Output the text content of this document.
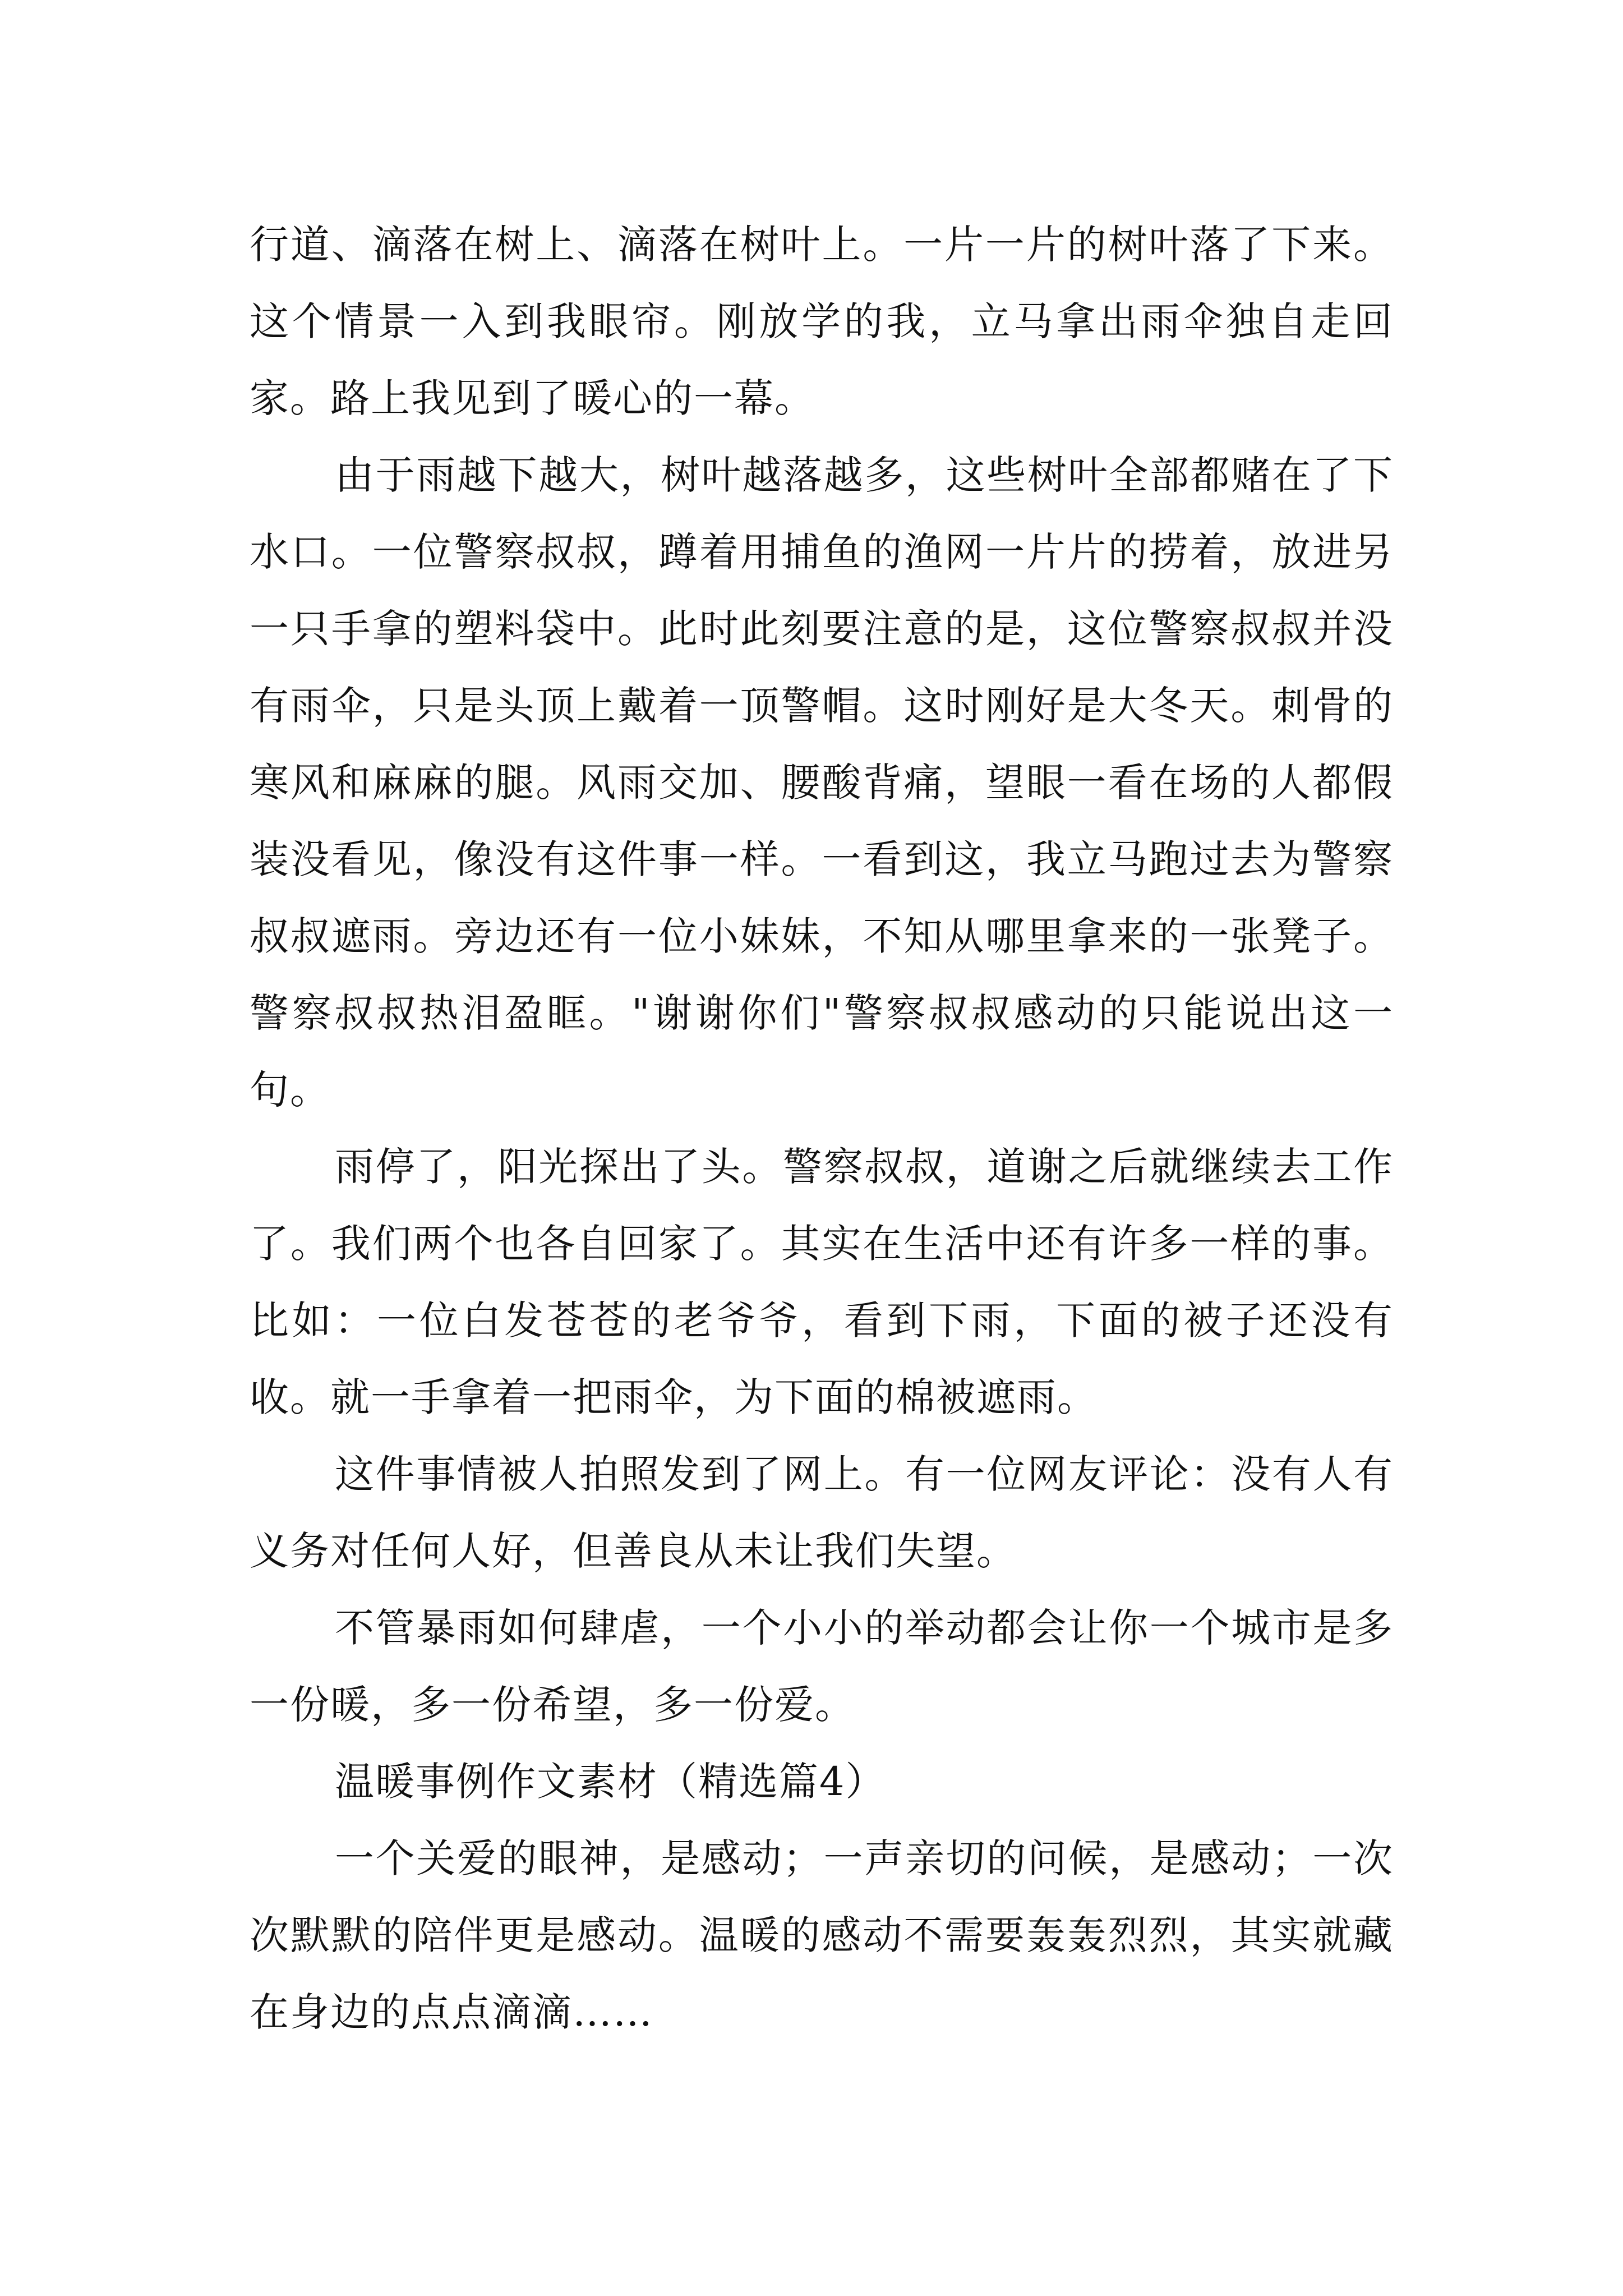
行道、滴落在树上、滴落在树叶上。一片一片的树叶落了下来。这个情景一入到我眼帘。刚放学的我，立马拿出雨伞独自走回家。路上我见到了暖心的一幕。

由于雨越下越大，树叶越落越多，这些树叶全部都赌在了下水口。一位警察叔叔，蹲着用捕鱼的渔网一片片的捞着，放进另一只手拿的塑料袋中。此时此刻要注意的是，这位警察叔叔并没有雨伞，只是头顶上戴着一顶警帽。这时刚好是大冬天。刺骨的寒风和麻麻的腿。风雨交加、腰酸背痛，望眼一看在场的人都假装没看见，像没有这件事一样。一看到这，我立马跑过去为警察叔叔遮雨。旁边还有一位小妹妹，不知从哪里拿来的一张凳子。警察叔叔热泪盈眶。"谢谢你们"警察叔叔感动的只能说出这一句。

雨停了，阳光探出了头。警察叔叔，道谢之后就继续去工作了。我们两个也各自回家了。其实在生活中还有许多一样的事。比如：一位白发苍苍的老爷爷，看到下雨，下面的被子还没有收。就一手拿着一把雨伞，为下面的棉被遮雨。

这件事情被人拍照发到了网上。有一位网友评论：没有人有义务对任何人好，但善良从未让我们失望。

不管暴雨如何肆虐，一个小小的举动都会让你一个城市是多一份暖，多一份希望，多一份爱。

温暖事例作文素材（精选篇4）

一个关爱的眼神，是感动；一声亲切的问候，是感动；一次次默默的陪伴更是感动。温暖的感动不需要轰轰烈烈，其实就藏在身边的点点滴滴……
